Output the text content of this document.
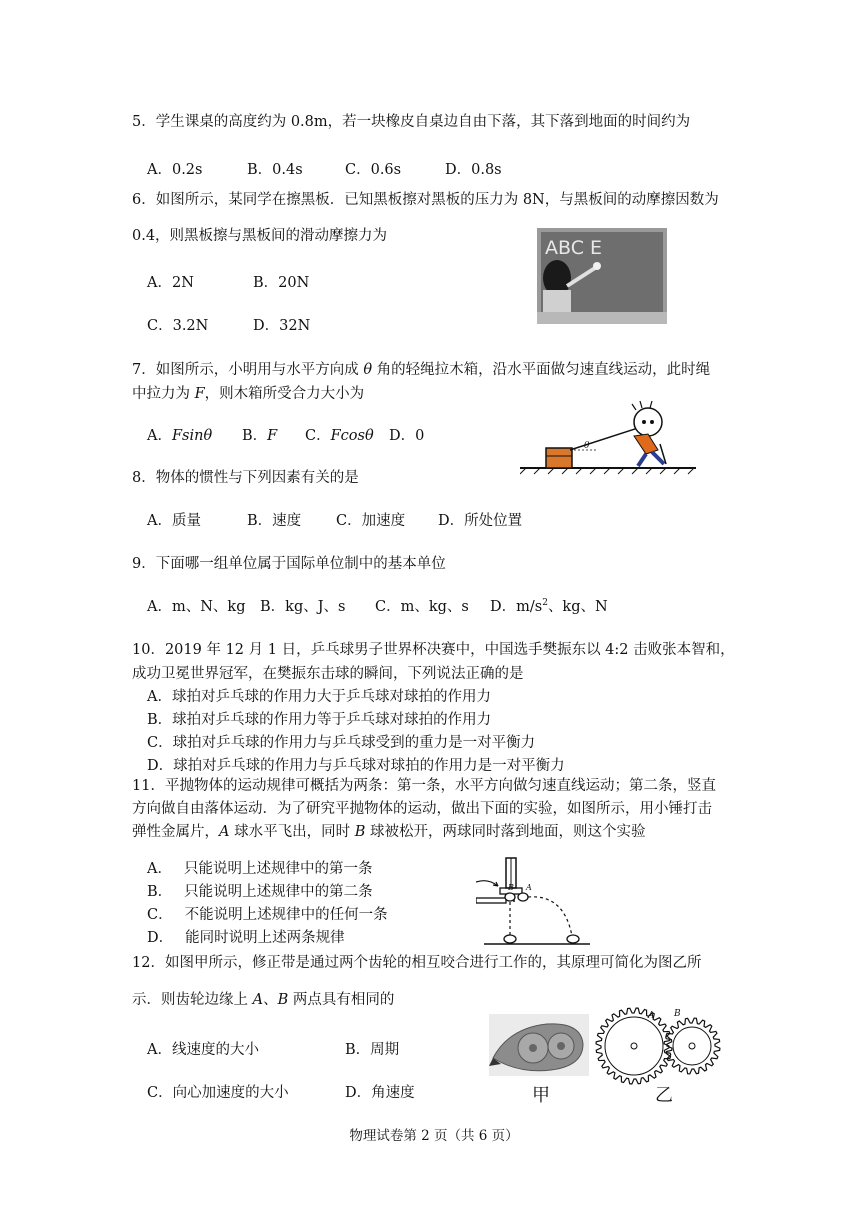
5．学生课桌的高度约为 0.8m，若一块橡皮自桌边自由下落，其下落到地面的时间约为
A．0.2s	B．0.4s	C．0.6s	D．0.8s
6．如图所示，某同学在擦黑板．已知黑板擦对黑板的压力为 8N，与黑板间的动摩擦因数为
0.4，则黑板擦与黑板间的滑动摩擦力为
A．2N	B．20N
C．3.2N	D．32N
ABC E
7．如图所示，小明用与水平方向成 θ 角的轻绳拉木箱，沿水平面做匀速直线运动，此时绳
中拉力为 F，则木箱所受合力大小为
A．Fsinθ B．F C．Fcosθ D．0
θ
8．物体的惯性与下列因素有关的是
A．质量	B．速度 C．加速度 D．所处位置
9．下面哪一组单位属于国际单位制中的基本单位
A．m、N、kg B．kg、J、s C．m、kg、s D．$m/s^2$、kg、N
10．2019 年 12 月 1 日，乒乓球男子世界杯决赛中，中国选手樊振东以 4:2 击败张本智和，
成功卫冕世界冠军，在樊振东击球的瞬间，下列说法正确的是
A．球拍对乒乓球的作用力大于乒乓球对球拍的作用力
B．球拍对乒乓球的作用力等于乒乓球对球拍的作用力
C．球拍对乒乓球的作用力与乒乓球受到的重力是一对平衡力
D．球拍对乒乓球的作用力与乒乓球对球拍的作用力是一对平衡力
11．平抛物体的运动规律可概括为两条：第一条，水平方向做匀速直线运动；第二条，竖直
方向做自由落体运动．为了研究平抛物体的运动，做出下面的实验，如图所示，用小锤打击
弹性金属片，A 球水平飞出，同时 B 球被松开，两球同时落到地面，则这个实验
A． 只能说明上述规律中的第一条
B． 只能说明上述规律中的第二条
C． 不能说明上述规律中的任何一条
D． 能同时说明上述两条规律
B A
12．如图甲所示，修正带是通过两个齿轮的相互咬合进行工作的，其原理可简化为图乙所
示．则齿轮边缘上 A、B 两点具有相同的
A．线速度的大小	B．周期
C．向心加速度的大小	D．角速度	甲
A B
乙
物理试卷第 2 页（共 6 页）
